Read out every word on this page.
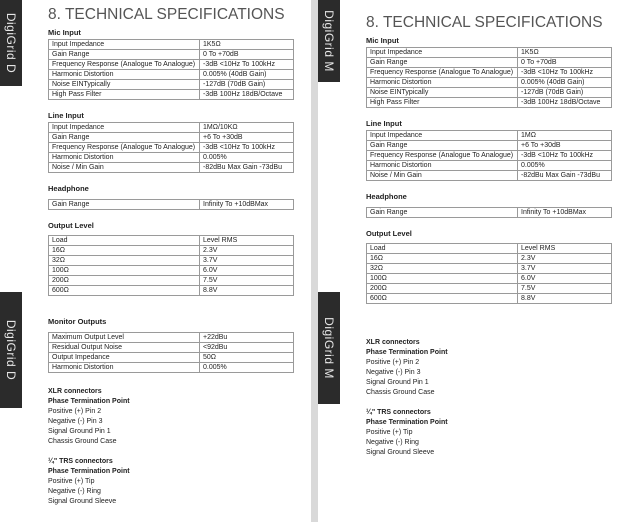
DigiGrid D
DigiGrid D
8. TECHNICAL SPECIFICATIONS
Mic Input
Input Impedance	1K5Ω
Gain Range	0 To +70dB
Frequency Response (Analogue To Analogue)	-3dB <10Hz To 100kHz
Harmonic Distortion	0.005% (40dB Gain)
Noise EINTypically	-127dB (70dB Gain)
High Pass Filter	-3dB 100Hz 18dB/Octave
Line Input
Input Impedance	1MΩ/10KΩ
Gain Range	+6 To +30dB
Frequency Response (Analogue To Analogue)	-3dB <10Hz To 100kHz
Harmonic Distortion	0.005%
Noise / Min Gain	-82dBu Max Gain -73dBu
Headphone
Gain Range	Infinity To +10dBMax
Output Level
Load	Level RMS
16Ω	2.3V
32Ω	3.7V
100Ω	6.0V
200Ω	7.5V
600Ω	8.8V
Monitor Outputs
Maximum Output Level	+22dBu
Residual Output Noise	<92dBu
Output Impedance	50Ω
Harmonic Distortion	0.005%
XLR connectors
Phase Termination Point
Positive (+) Pin 2
Negative (-) Pin 3
Signal Ground Pin 1
Chassis Ground Case
¼" TRS connectors
Phase Termination Point
Positive (+) Tip
Negative (-) Ring
Signal Ground Sleeve
DigiGrid M
DigiGrid M
8. TECHNICAL SPECIFICATIONS
Mic Input
Input Impedance	1K5Ω
Gain Range	0 To +70dB
Frequency Response (Analogue To Analogue)	-3dB <10Hz To 100kHz
Harmonic Distortion	0.005% (40dB Gain)
Noise EINTypically	-127dB (70dB Gain)
High Pass Filter	-3dB 100Hz 18dB/Octave
Line Input
Input Impedance	1MΩ
Gain Range	+6 To +30dB
Frequency Response (Analogue To Analogue)	-3dB <10Hz To 100kHz
Harmonic Distortion	0.005%
Noise / Min Gain	-82dBu Max Gain -73dBu
Headphone
Gain Range	Infinity To +10dBMax
Output Level
Load	Level RMS
16Ω	2.3V
32Ω	3.7V
100Ω	6.0V
200Ω	7.5V
600Ω	8.8V
XLR connectors
Phase Termination Point
Positive (+) Pin 2
Negative (-) Pin 3
Signal Ground Pin 1
Chassis Ground Case
¼" TRS connectors
Phase Termination Point
Positive (+) Tip
Negative (-) Ring
Signal Ground Sleeve
